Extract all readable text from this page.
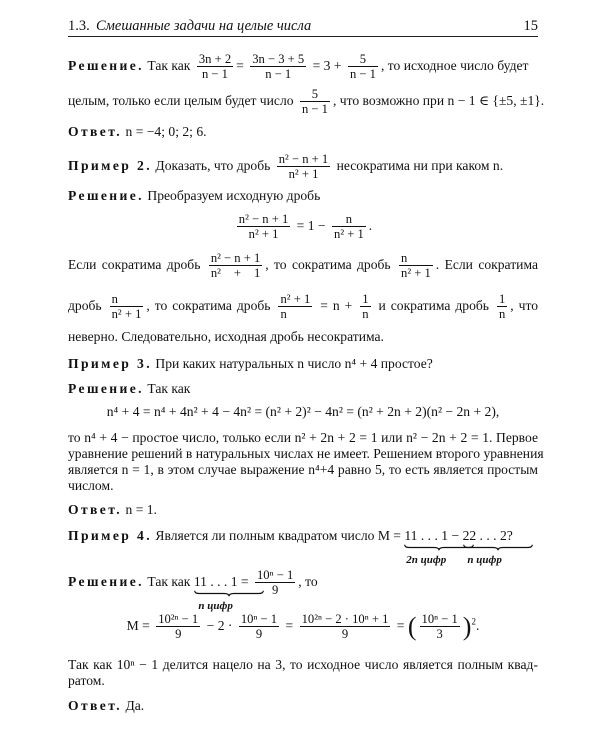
1.3. Смешанные задачи на целые числа	15
Решение. Так как $\frac{3n + 2}{n - 1} = \frac{3n - 3 + 5}{n - 1} = 3 + \frac{5}{n - 1}$ , то исходное число будет
целым, только если целым будет число $\frac{5}{n - 1}$ , что возможно при n − 1 ∈ {±5, ±1}.
Ответ. n = −4; 0; 2; 6.
Пример 2. Доказать, что дробь $\frac{\text{n² − n + 1}}{\text{n² + 1}}$ несократима ни при каком n.
Решение. Преобразуем исходную дробь
$\frac{\text{n² − n + 1}}{\text{n² + 1}} = 1 - \frac{n}{\text{n² + 1}}$ .
Если сократима дробь $\frac{\text{n² − n + 1}}{\text{n² + 1}}$ , то сократима дробь $\frac{n}{\text{n² + 1}}$ . Если сократима
дробь $\frac{n}{\text{n² + 1}}$ , то сократима дробь $\frac{\text{n² + 1}}{n} = n + \frac{1}{n}$ и сократима дробь $\frac{1}{n}$ , что
неверно. Следовательно, исходная дробь несократима.
Пример 3. При каких натуральных n число n⁴ + 4 простое?
Решение. Так как
n⁴ + 4 = n⁴ + 4n² + 4 − 4n² = (n² + 2)² − 4n² = (n² + 2n + 2)(n² − 2n + 2),
то n⁴ + 4 − простое число, только если n² + 2n + 2 = 1 или n² − 2n + 2 = 1. Первое
уравнение решений в натуральных числах не имеет. Решением второго уравнения
является n = 1, в этом случае выражение n⁴+4 равно 5, то есть является простым
числом.
Ответ. n = 1.
Пример 4. Является ли полным квадратом число M = 11 . . . 1
2n цифр
− 22 . . . 2
n цифр
?
Решение. Так как 11 . . . 1
n цифр
= $\frac{\text{10ⁿ − 1}}{9}$ , то
$M = \frac{\text{10²ⁿ − 1}}{9} - 2 \cdot \frac{\text{10ⁿ − 1}}{9} = \frac{\text{10²ⁿ − 2 · 10ⁿ + 1}}{9}$ = ( $\frac{\text{10ⁿ − 1}}{3} )^2$.
Так как 10ⁿ − 1 делится нацело на 3, то исходное число является полным квад-
ратом.
Ответ. Да.
